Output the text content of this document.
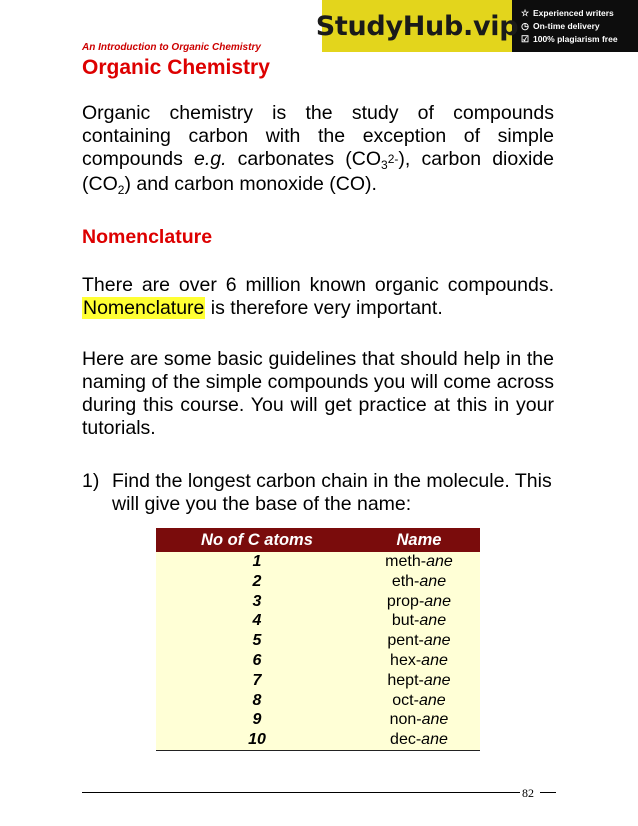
An Introduction to Organic Chemistry
StudyHub.vip ☆ Experienced writers
◷ On-time delivery
☑ 100% plagiarism free
Organic Chemistry

Organic chemistry is the study of compounds containing carbon with the exception of simple compounds e.g. carbonates $(CO_3^{2-})$, carbon dioxide $(CO_2)$ and carbon monoxide (CO).

Nomenclature

There are over 6 million known organic compounds. Nomenclature is therefore very important.

Here are some basic guidelines that should help in the naming of the simple compounds you will come across during this course. You will get practice at this in your tutorials.

1) Find the longest carbon chain in the molecule. This will give you the base of the name:
No of C atoms	Name
1	meth-ane
2	eth-ane
3	prop-ane
4	but-ane
5	pent-ane
6	hex-ane
7	hept-ane
8	oct-ane
9	non-ane
10	dec-ane
82
